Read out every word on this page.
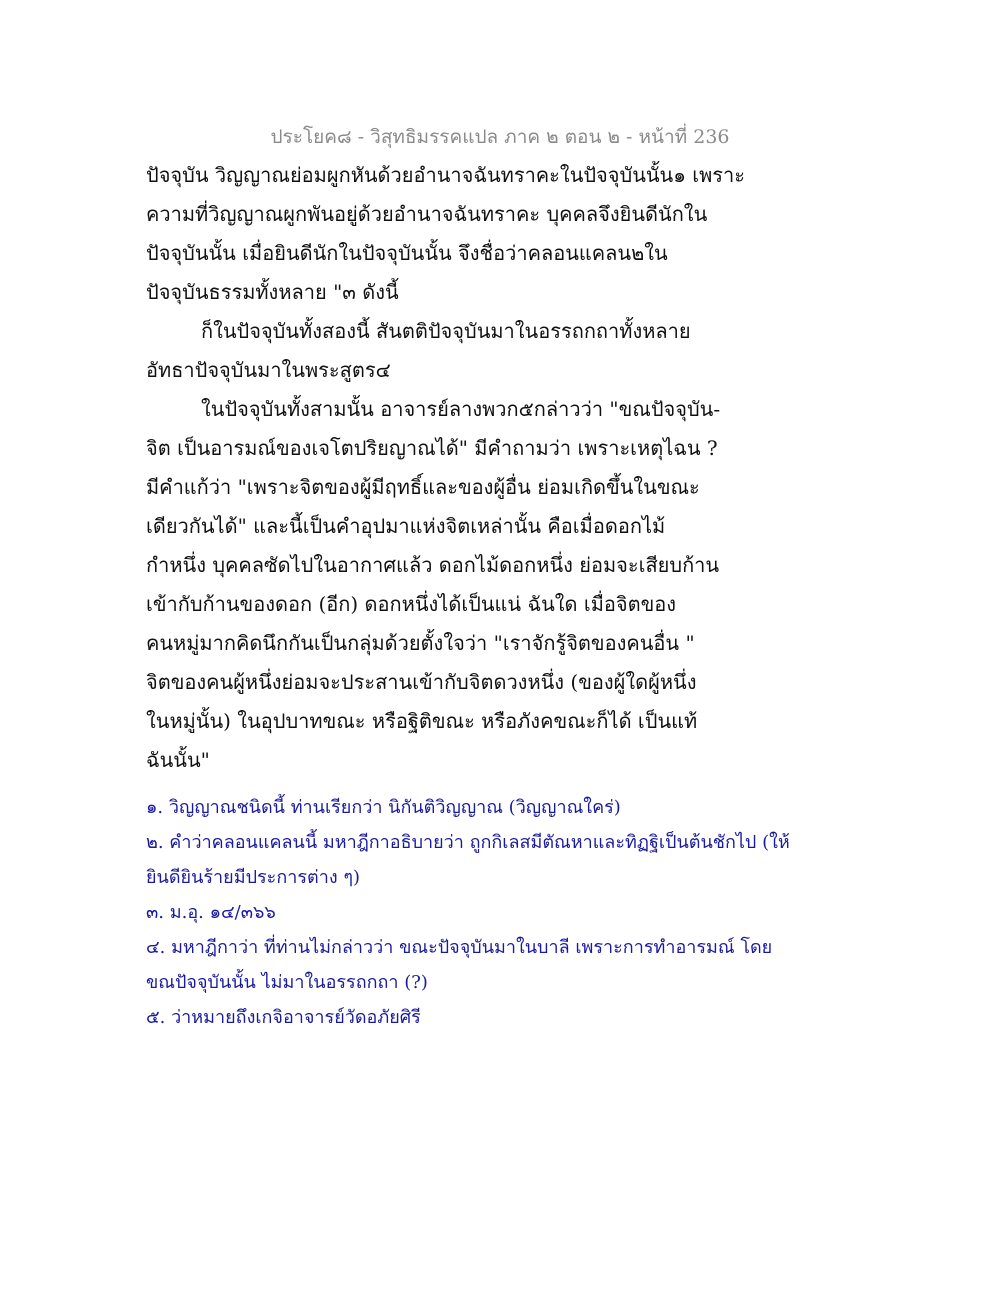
ประโยค๘ - วิสุทธิมรรคแปล ภาค ๒ ตอน ๒ - หน้าที่ 236
ปัจจุบัน วิญญาณย่อมผูกหันด้วยอำนาจฉันทราคะในปัจจุบันนั้น๑ เพราะ
ความที่วิญญาณผูกพันอยู่ด้วยอำนาจฉันทราคะ บุคคลจึงยินดีนักใน
ปัจจุบันนั้น เมื่อยินดีนักในปัจจุบันนั้น จึงชื่อว่าคลอนแคลน๒ใน
ปัจจุบันธรรมทั้งหลาย "๓ ดังนี้
ก็ในปัจจุบันทั้งสองนี้ สันตติปัจจุบันมาในอรรถกถาทั้งหลาย
อัทธาปัจจุบันมาในพระสูตร๔
ในปัจจุบันทั้งสามนั้น อาจารย์ลางพวก๕กล่าวว่า "ขณปัจจุบัน-
จิต เป็นอารมณ์ของเจโตปริยญาณได้" มีคำถามว่า เพราะเหตุไฉน ?
มีคำแก้ว่า "เพราะจิตของผู้มีฤทธิ์และของผู้อื่น ย่อมเกิดขึ้นในขณะ
เดียวกันได้" และนี้เป็นคำอุปมาแห่งจิตเหล่านั้น คือเมื่อดอกไม้
กำหนึ่ง บุคคลซัดไปในอากาศแล้ว ดอกไม้ดอกหนึ่ง ย่อมจะเสียบก้าน
เข้ากับก้านของดอก (อีก) ดอกหนึ่งได้เป็นแน่ ฉันใด เมื่อจิตของ
คนหมู่มากคิดนึกกันเป็นกลุ่มด้วยตั้งใจว่า "เราจักรู้จิตของคนอื่น "
จิตของคนผู้หนึ่งย่อมจะประสานเข้ากับจิตดวงหนึ่ง (ของผู้ใดผู้หนึ่ง
ในหมู่นั้น) ในอุปบาทขณะ หรือฐิติขณะ หรือภังคขณะก็ได้ เป็นแท้
ฉันนั้น"
๑. วิญญาณชนิดนี้ ท่านเรียกว่า นิกันติวิญญาณ (วิญญาณใคร่)
๒. คำว่าคลอนแคลนนี้ มหาฎีกาอธิบายว่า ถูกกิเลสมีตัณหาและทิฏฐิเป็นต้นชักไป (ให้
ยินดียินร้ายมีประการต่าง ๆ)
๓. ม.อุ. ๑๔/๓๖๖
๔. มหาฎีกาว่า ที่ท่านไม่กล่าวว่า ขณะปัจจุบันมาในบาลี เพราะการทำอารมณ์ โดย
ขณปัจจุบันนั้น ไม่มาในอรรถกถา (?)
๕. ว่าหมายถึงเกจิอาจารย์วัดอภัยศิรี
